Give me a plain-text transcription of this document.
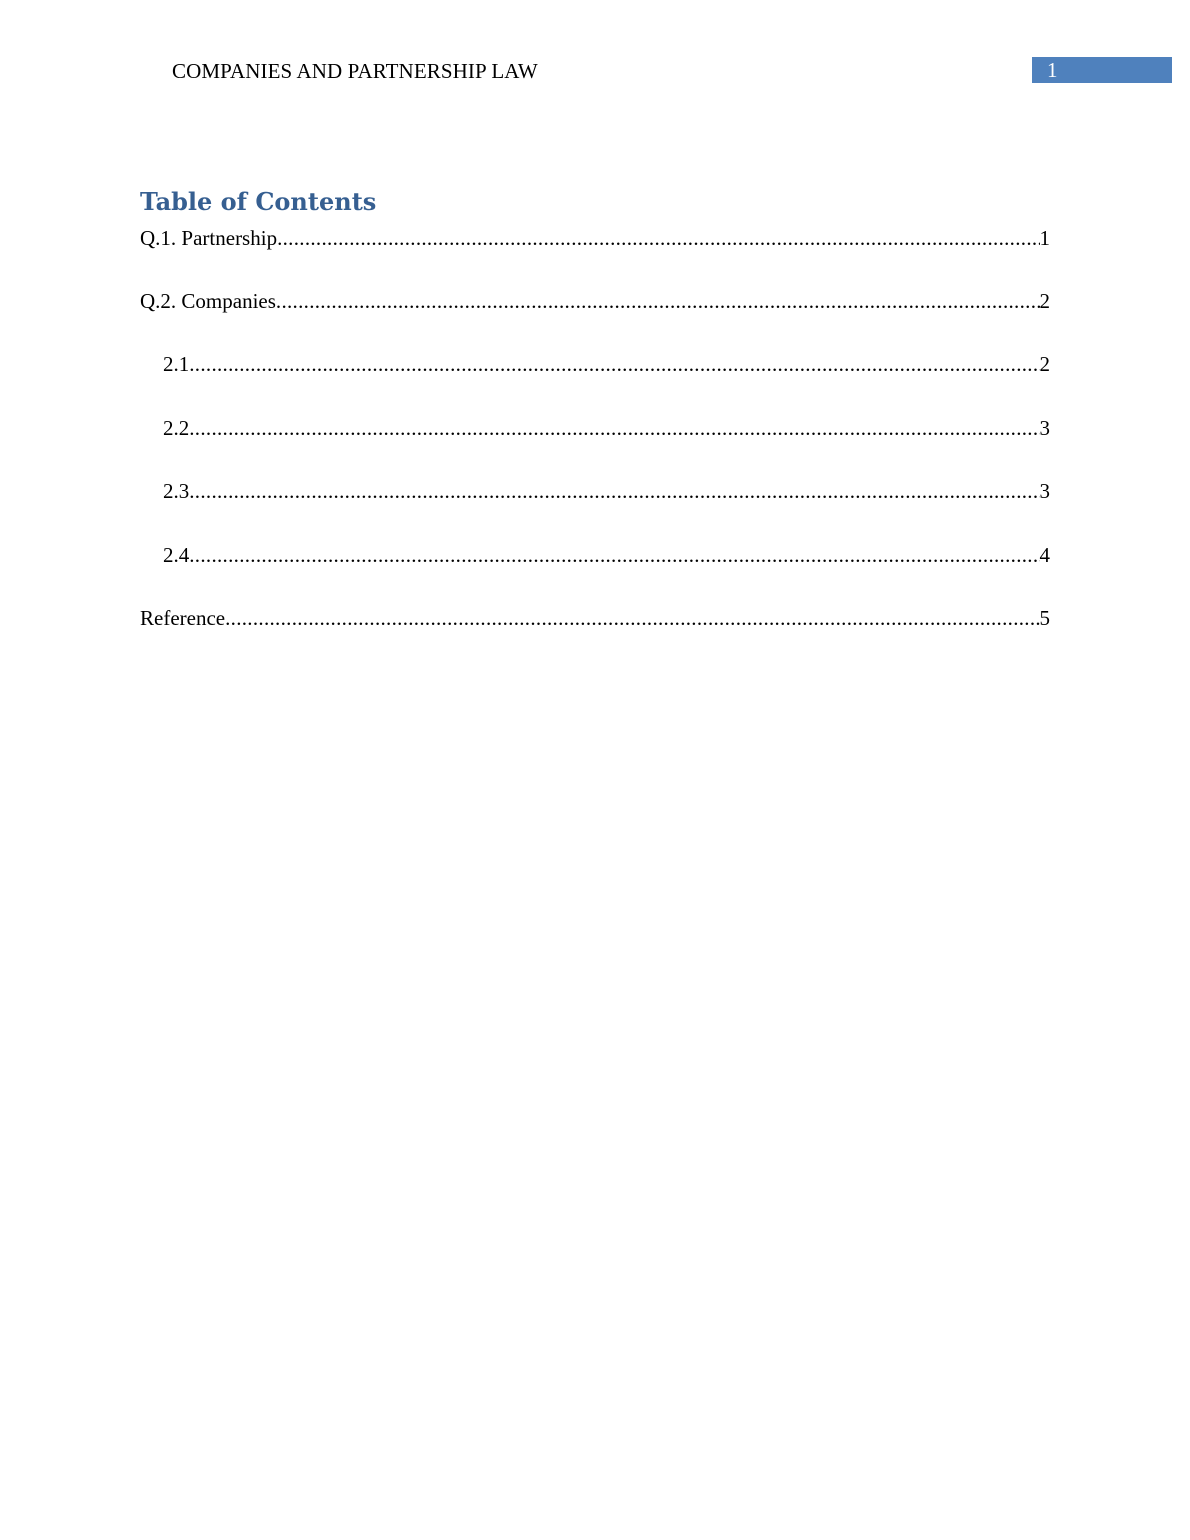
COMPANIES AND PARTNERSHIP LAW	1
Table of Contents
Q.1. Partnership .....	1
Q.2. Companies .....	2
2.1 .....	2
2.2 .....	3
2.3 .....	3
2.4 .....	4
Reference .....	5
